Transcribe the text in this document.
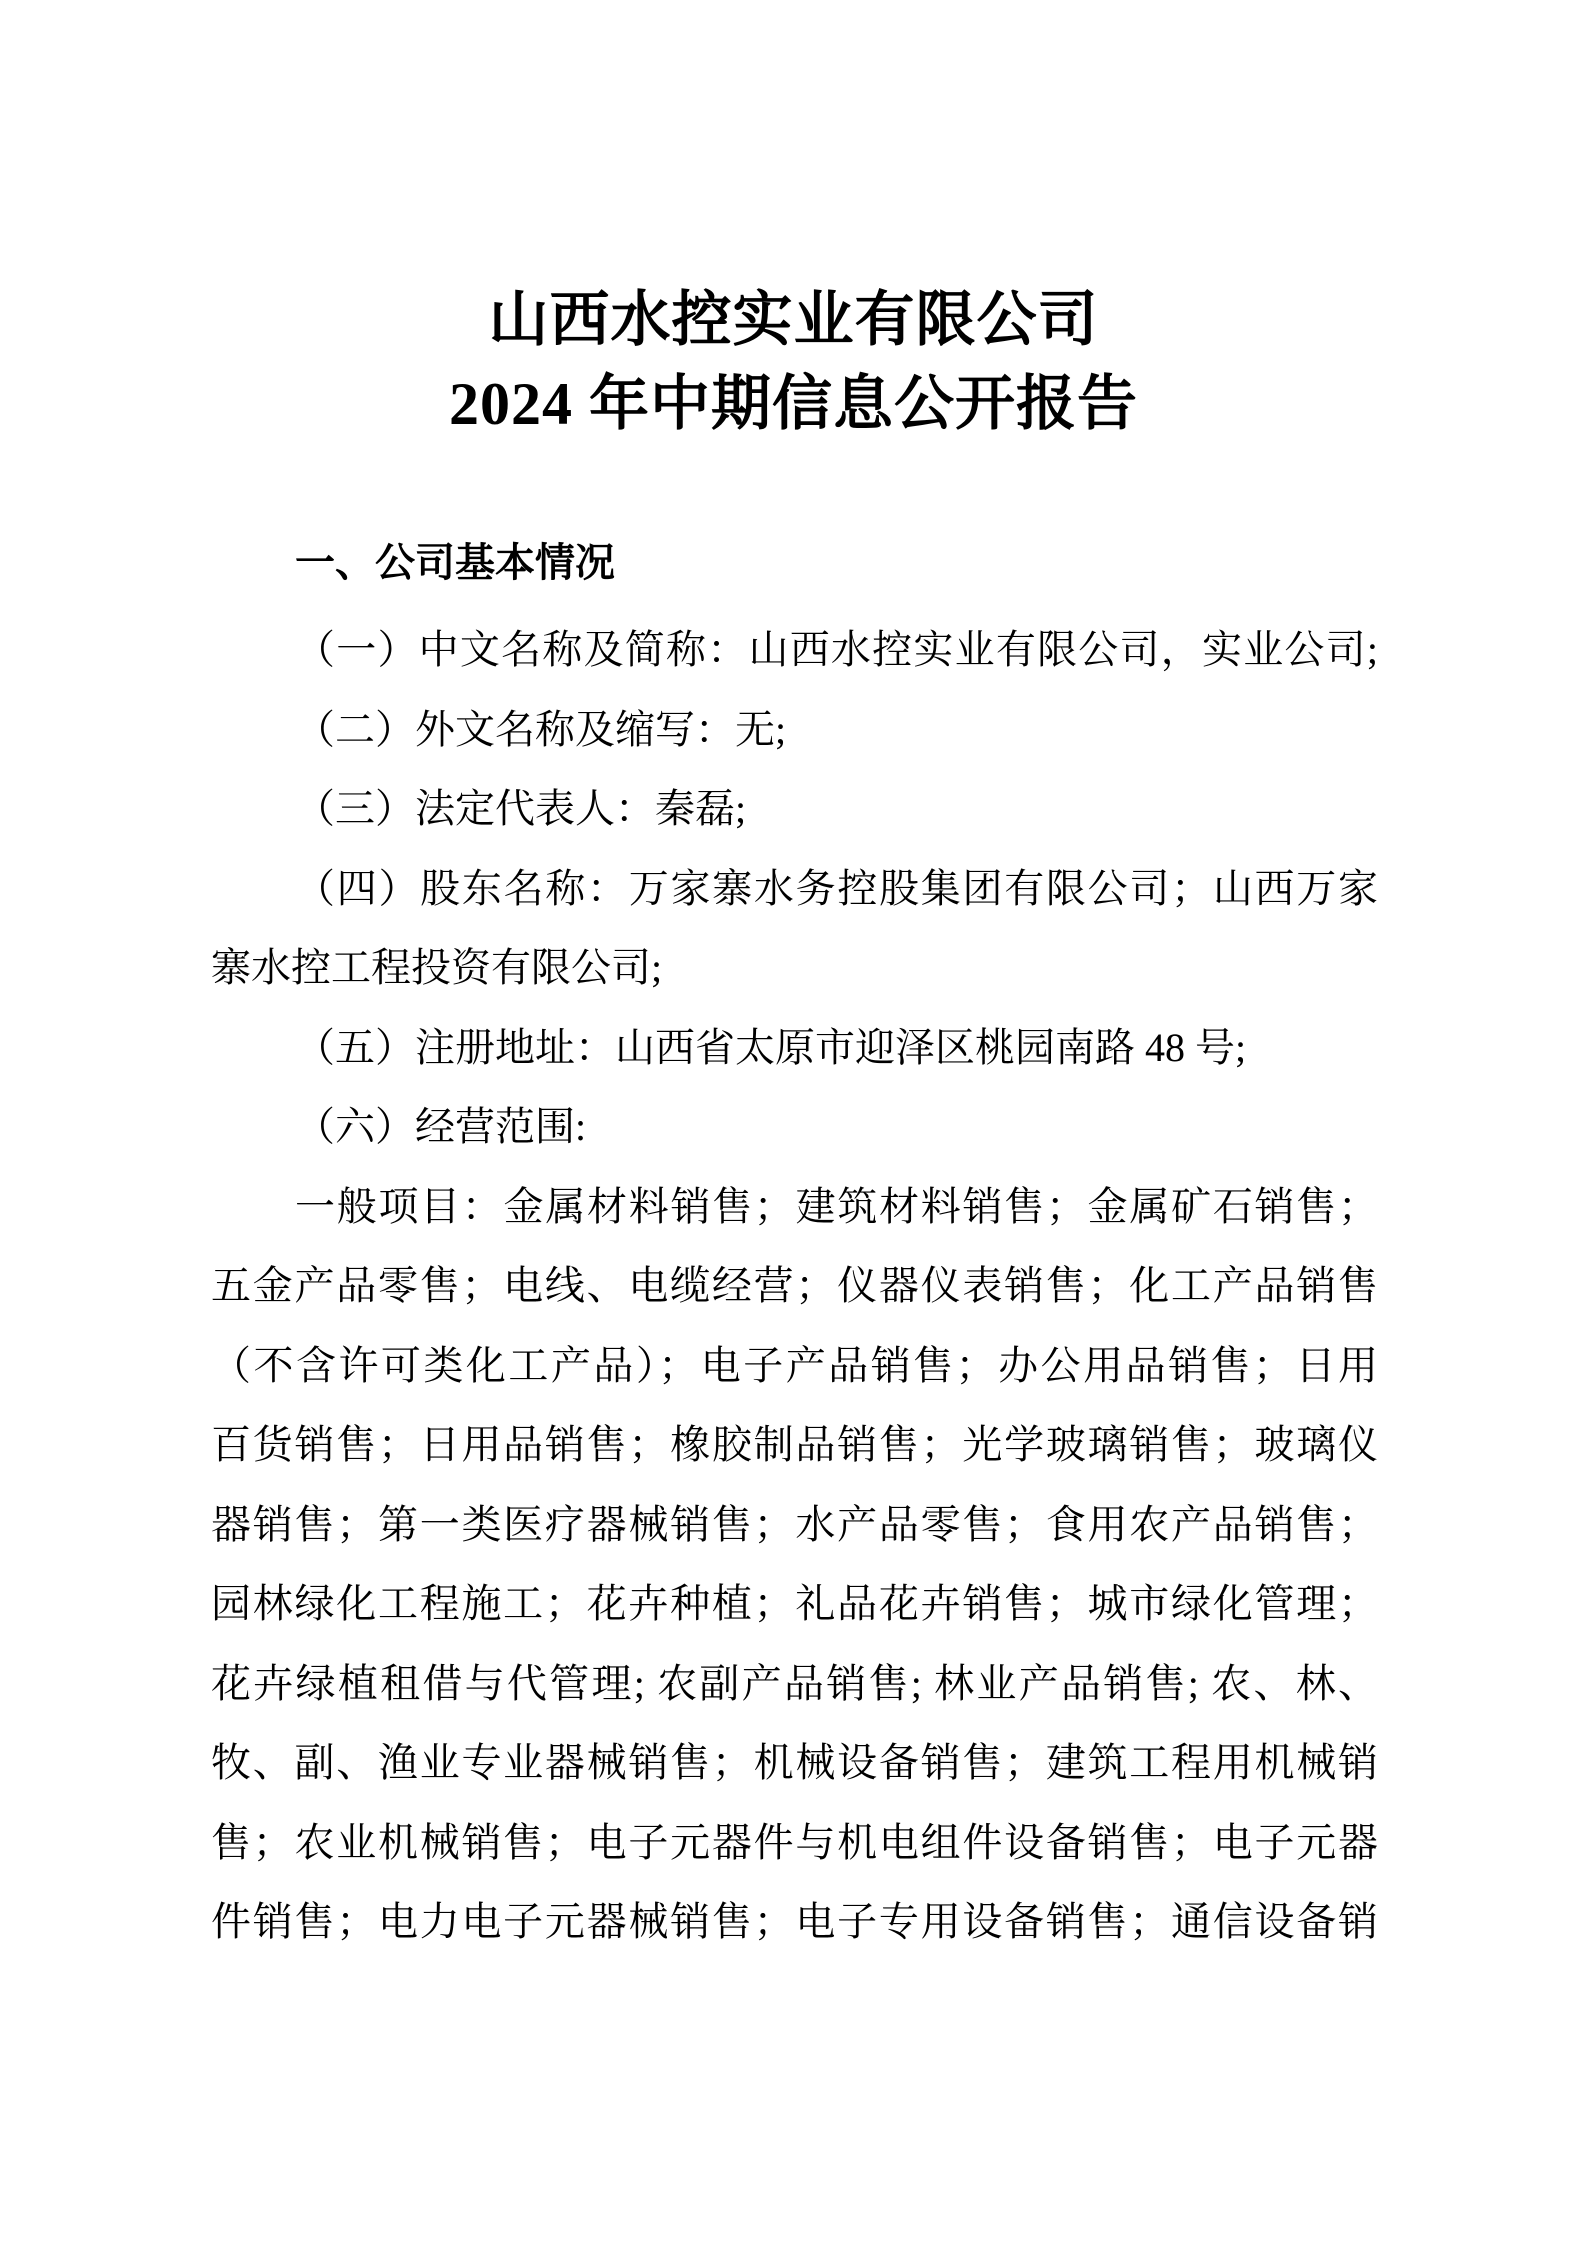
山西水控实业有限公司
2024 年中期信息公开报告
一、公司基本情况
（一）中文名称及简称：山西水控实业有限公司，实业公司;
（二）外文名称及缩写：无;
（三）法定代表人：秦磊;
（四）股东名称：万家寨水务控股集团有限公司；山西万家
寨水控工程投资有限公司;
（五）注册地址：山西省太原市迎泽区桃园南路 48 号;
（六）经营范围:
一般项目：金属材料销售；建筑材料销售；金属矿石销售；
五金产品零售；电线、电缆经营；仪器仪表销售；化工产品销售
（不含许可类化工产品）；电子产品销售；办公用品销售；日用
百货销售；日用品销售；橡胶制品销售；光学玻璃销售；玻璃仪
器销售；第一类医疗器械销售；水产品零售；食用农产品销售；
园林绿化工程施工；花卉种植；礼品花卉销售；城市绿化管理；
花卉绿植租借与代管理; 农副产品销售; 林业产品销售; 农、林、
牧、副、渔业专业器械销售；机械设备销售；建筑工程用机械销
售；农业机械销售；电子元器件与机电组件设备销售；电子元器
件销售；电力电子元器械销售；电子专用设备销售；通信设备销
